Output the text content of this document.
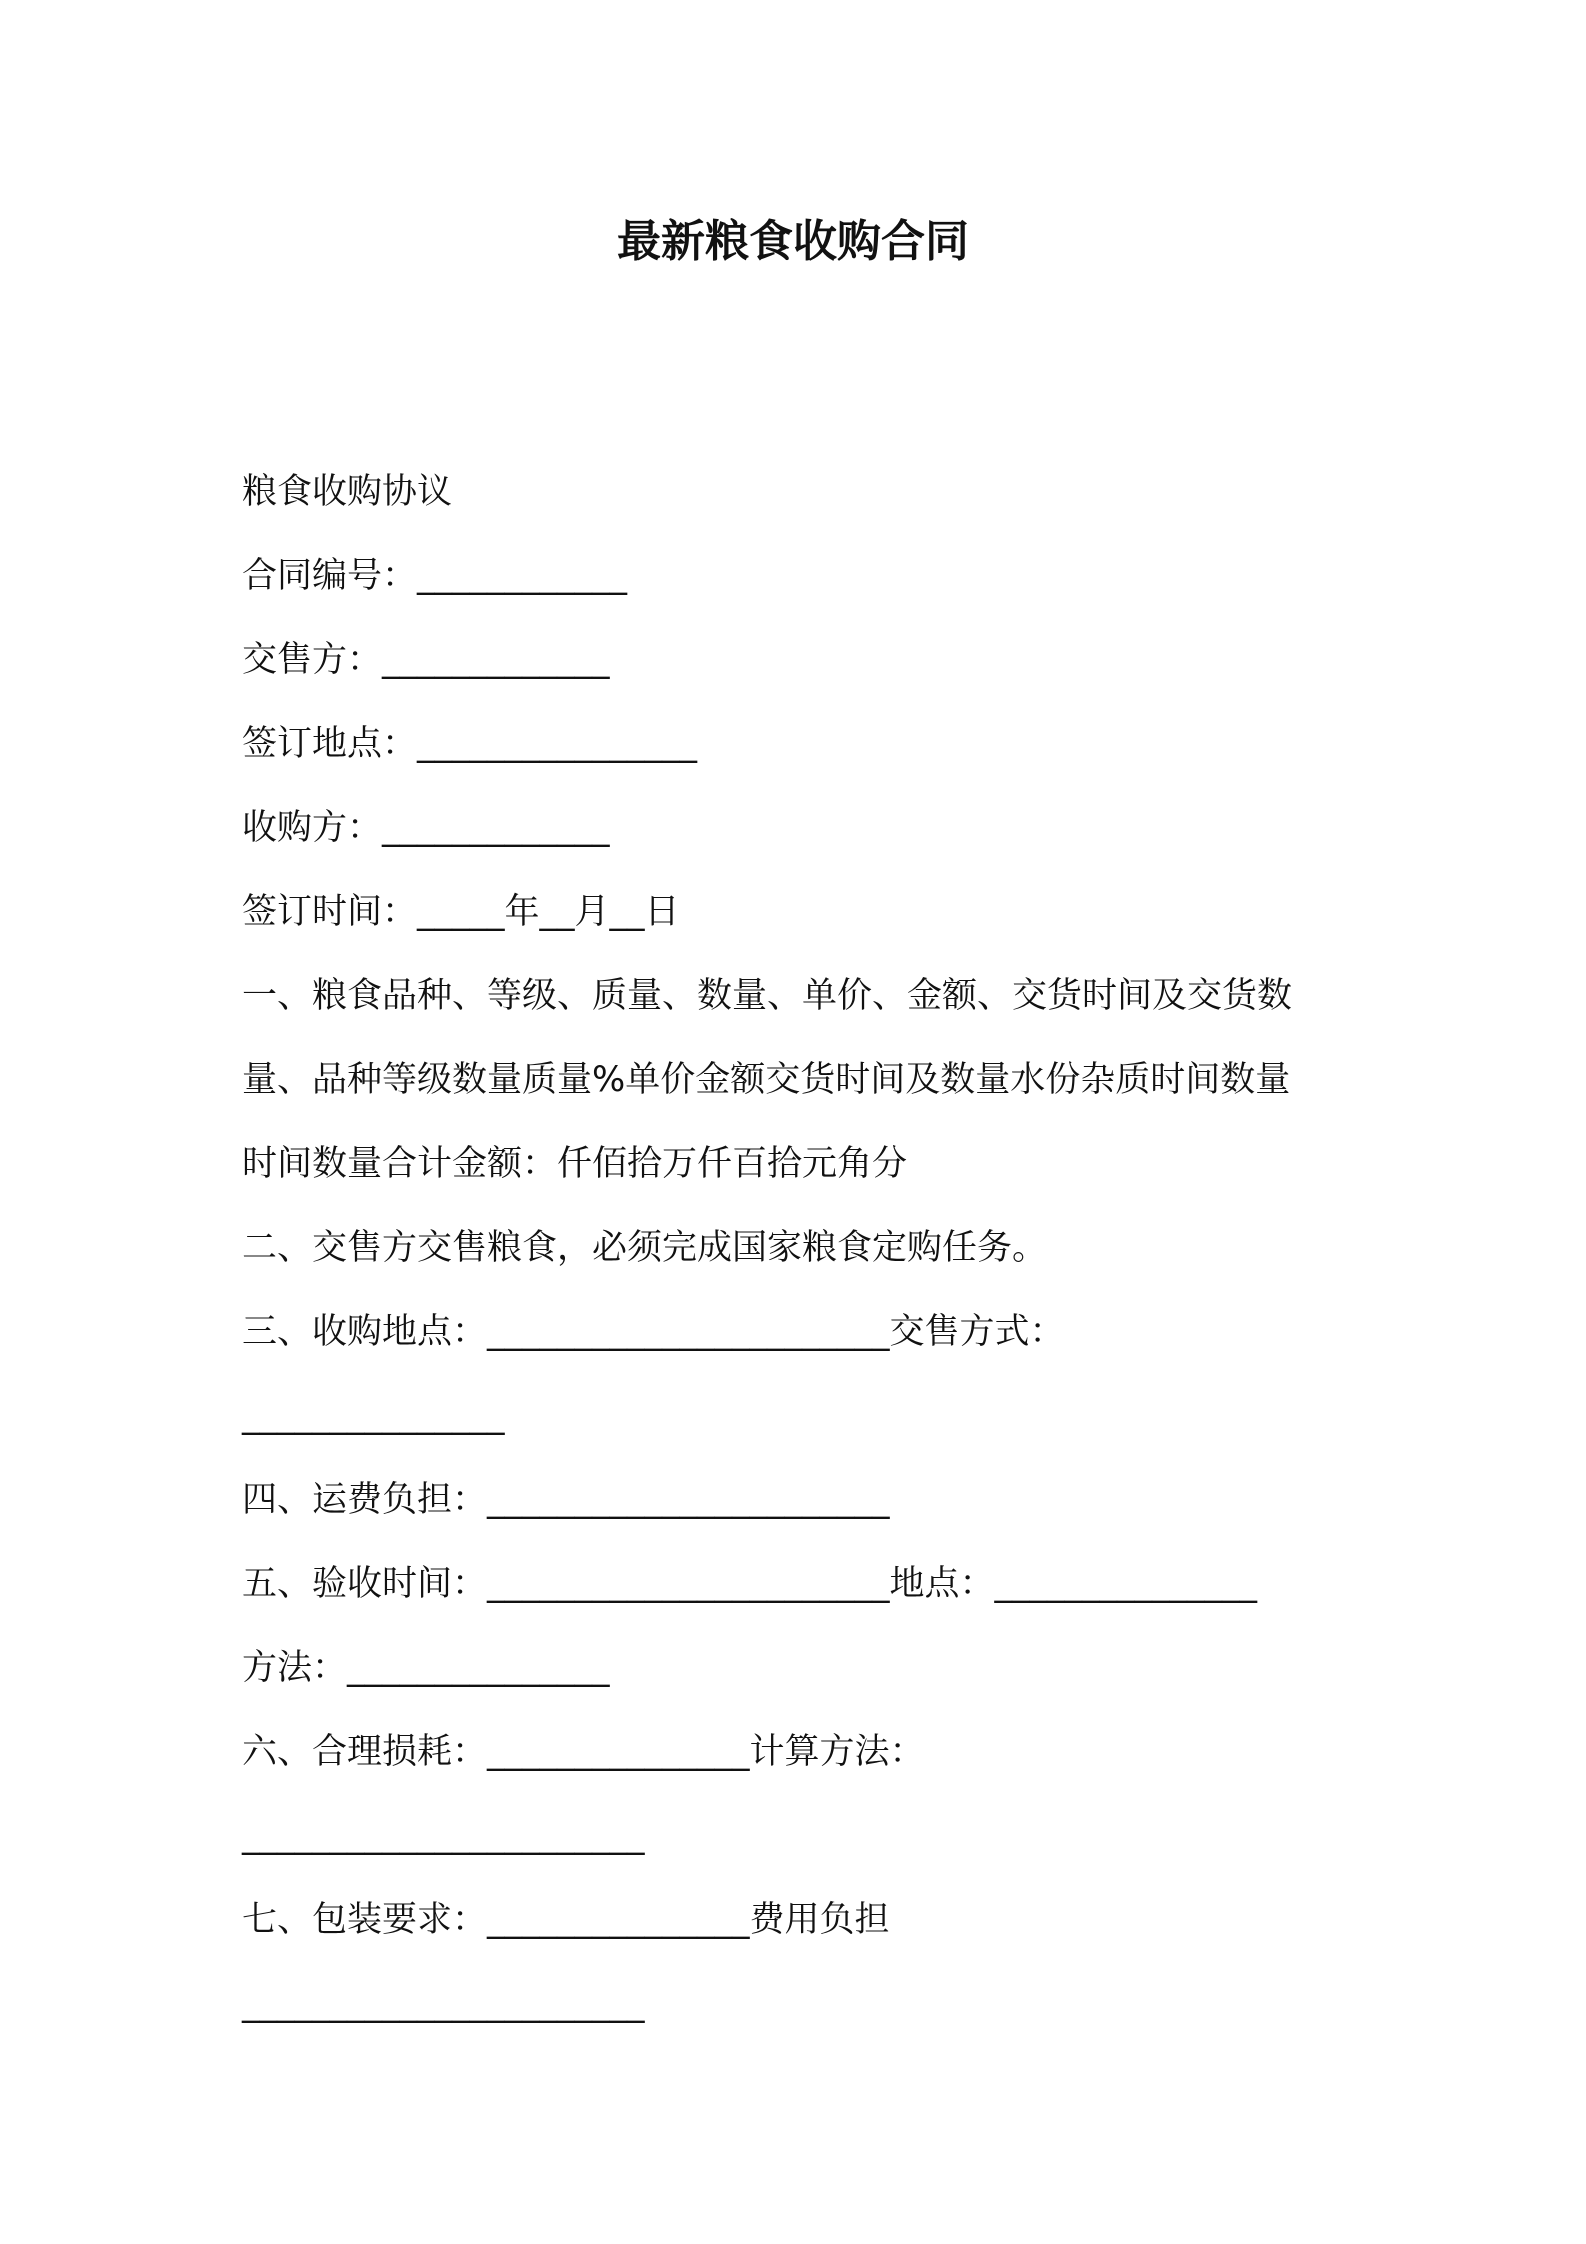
最新粮食收购合同
粮食收购协议
合同编号：____________
交售方：_____________
签订地点：________________
收购方：_____________
签订时间：_____年__月__日
一、粮食品种、等级、质量、数量、单价、金额、交货时间及交货数
量、品种等级数量质量%单价金额交货时间及数量水份杂质时间数量
时间数量合计金额：仟佰拾万仟百拾元角分
二、交售方交售粮食，必须完成国家粮食定购任务。
三、收购地点：_______________________交售方式：
_______________
四、运费负担：_______________________
五、验收时间：_______________________地点：_______________
方法：_______________
六、合理损耗：_______________计算方法：
_______________________
七、包装要求：_______________费用负担
_______________________
